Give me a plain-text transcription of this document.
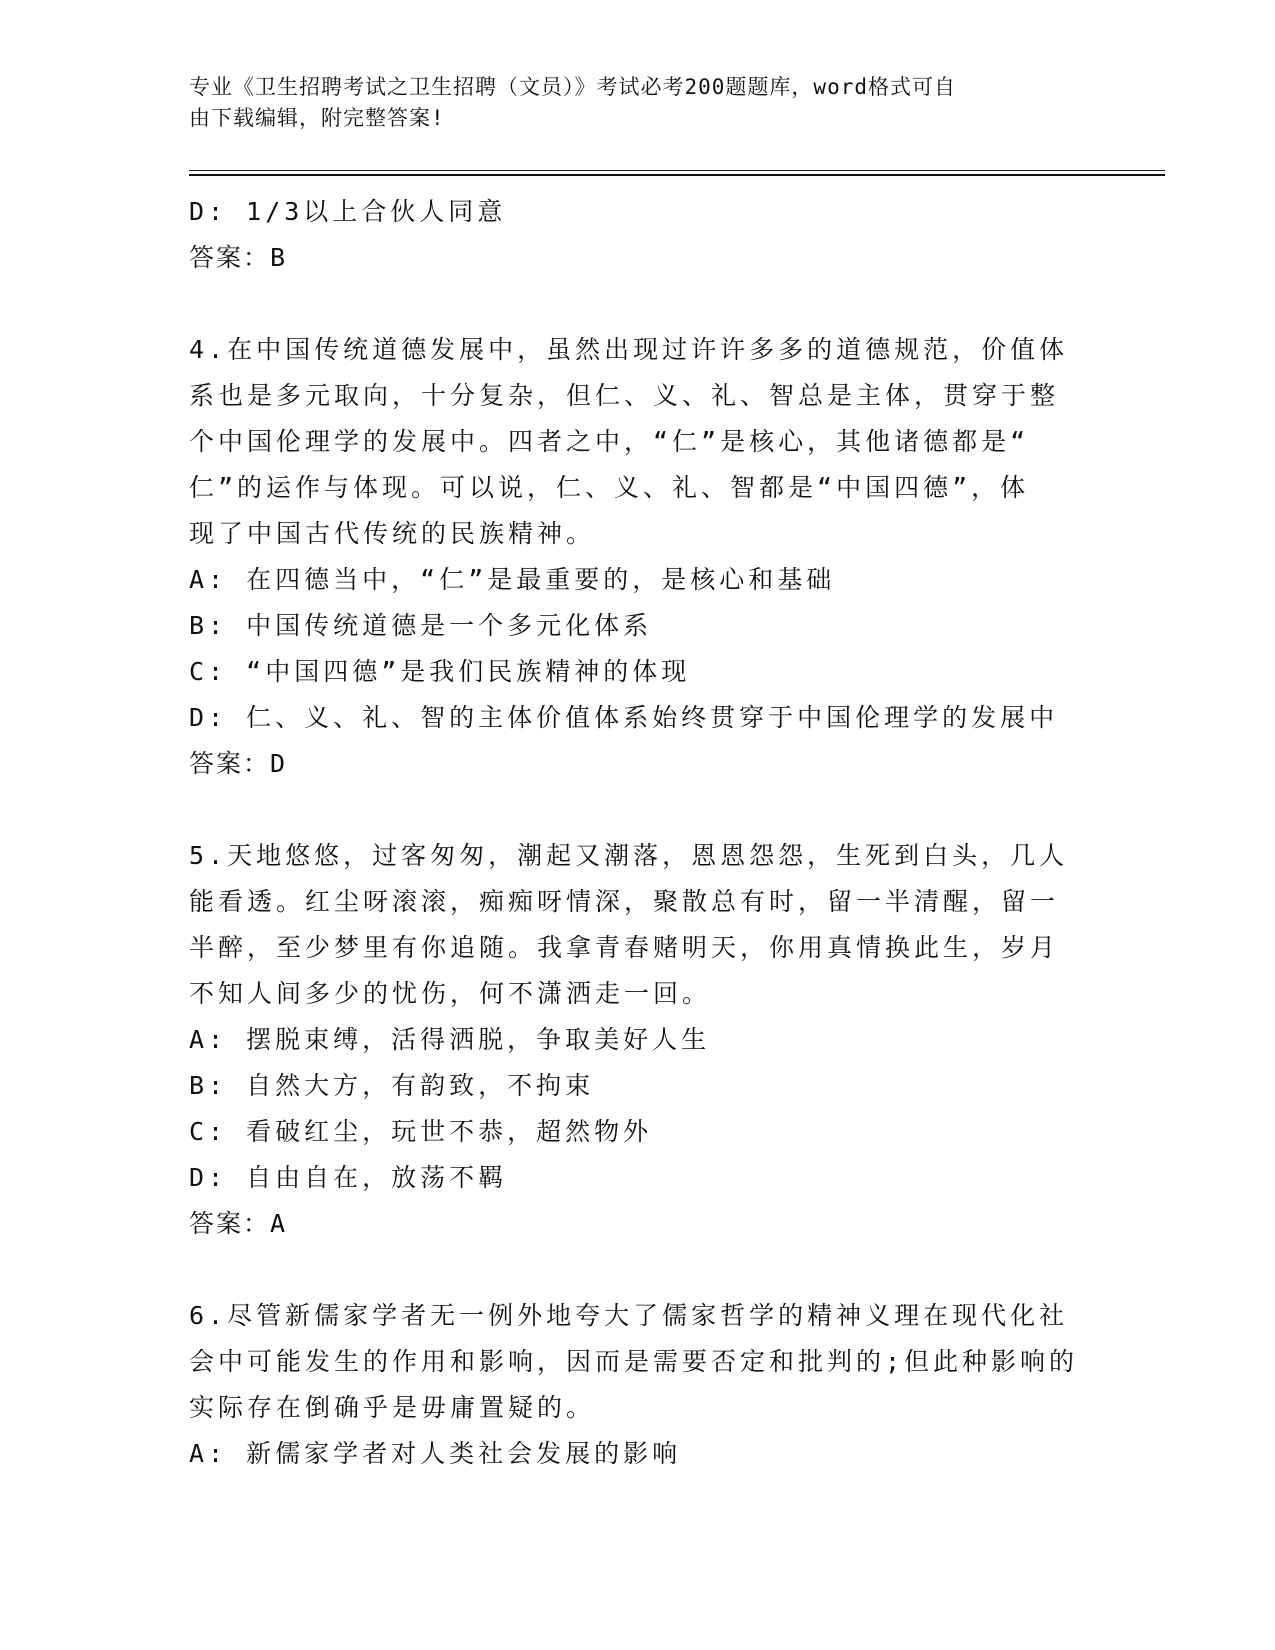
专业《卫生招聘考试之卫生招聘（文员）》考试必考200题题库，word格式可自
由下载编辑，附完整答案!
D: 1/3以上合伙人同意
答案：B
4.在中国传统道德发展中，虽然出现过许许多多的道德规范，价值体
系也是多元取向，十分复杂，但仁、义、礼、智总是主体，贯穿于整
个中国伦理学的发展中。四者之中，“仁”是核心，其他诸德都是“
仁”的运作与体现。可以说，仁、义、礼、智都是“中国四德”，体
现了中国古代传统的民族精神。
A: 在四德当中，“仁”是最重要的，是核心和基础
B: 中国传统道德是一个多元化体系
C: “中国四德”是我们民族精神的体现
D: 仁、义、礼、智的主体价值体系始终贯穿于中国伦理学的发展中
答案：D
5.天地悠悠，过客匆匆，潮起又潮落，恩恩怨怨，生死到白头，几人
能看透。红尘呀滚滚，痴痴呀情深，聚散总有时，留一半清醒，留一
半醉，至少梦里有你追随。我拿青春赌明天，你用真情换此生，岁月
不知人间多少的忧伤，何不潇洒走一回。
A: 摆脱束缚，活得洒脱，争取美好人生
B: 自然大方，有韵致，不拘束
C: 看破红尘，玩世不恭，超然物外
D: 自由自在，放荡不羁
答案：A
6.尽管新儒家学者无一例外地夸大了儒家哲学的精神义理在现代化社
会中可能发生的作用和影响，因而是需要否定和批判的;但此种影响的
实际存在倒确乎是毋庸置疑的。
A: 新儒家学者对人类社会发展的影响
